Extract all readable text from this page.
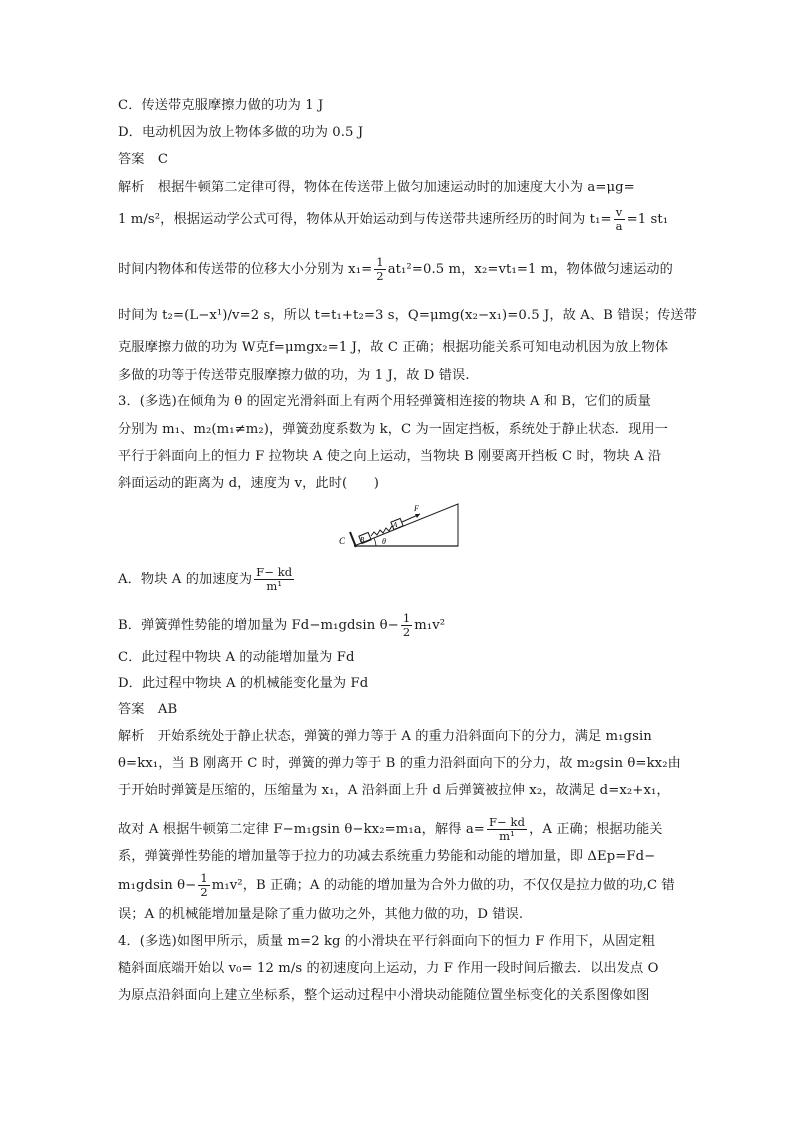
C．传送带克服摩擦力做的功为 1 J
D．电动机因为放上物体多做的功为 0.5 J
答案　C
解析　根据牛顿第二定律可得，物体在传送带上做匀加速运动时的加速度大小为 a=μg=
1 m/s²，根据运动学公式可得，物体从开始运动到与传送带共速所经历的时间为 $t_1= \frac{v}{a} =1$ st₁
时间内物体和传送带的位移大小分别为 $x_1= \frac{1}{2} at_1^2=0.5$ m，x₂=vt₁=1 m，物体做匀速运动的
时间为 t₂=(L−x¹)/v=2 s，所以 t=t₁+t₂=3 s，Q=μmg(x₂−x₁)=0.5 J，故 A、B 错误；传送带
克服摩擦力做的功为 W克f=μmgx₂=1 J，故 C 正确；根据功能关系可知电动机因为放上物体
多做的功等于传送带克服摩擦力做的功，为 1 J，故 D 错误.
3．(多选)在倾角为 θ 的固定光滑斜面上有两个用轻弹簧相连接的物块 A 和 B，它们的质量
分别为 m₁、m₂(m₁≠m₂)，弹簧劲度系数为 k，C 为一固定挡板，系统处于静止状态．现用一
平行于斜面向上的恒力 F 拉物块 A 使之向上运动，当物块 B 刚要离开挡板 C 时，物块 A 沿
斜面运动的距离为 d，速度为 v，此时(　　)
C B
A
F
θ
A．物块 A 的加速度为 $\frac{F- kd}{\text{m¹}}$
B．弹簧弹性势能的增加量为 Fd−m₁gdsin $\theta- \frac{1}{2} m_1v^2$
C．此过程中物块 A 的动能增加量为 Fd
D．此过程中物块 A 的机械能变化量为 Fd
答案　AB
解析　开始系统处于静止状态，弹簧的弹力等于 A 的重力沿斜面向下的分力，满足 m₁gsin
θ=kx₁，当 B 刚离开 C 时，弹簧的弹力等于 B 的重力沿斜面向下的分力，故 m₂gsin θ=kx₂由
于开始时弹簧是压缩的，压缩量为 x₁，A 沿斜面上升 d 后弹簧被拉伸 x₂，故满足 d=x₂+x₁，
故对 A 根据牛顿第二定律 F−m₁gsin θ−kx₂=m₁a，解得 $a= \frac{F- kd}{\text{m¹}}$ ，A 正确；根据功能关
系，弹簧弹性势能的增加量等于拉力的功减去系统重力势能和动能的增加量，即 ΔEp=Fd−
m₁gdsin $\theta- \frac{1}{2} m_1v^2$，B 正确；A 的动能的增加量为合外力做的功，不仅仅是拉力做的功,C 错
误；A 的机械能增加量是除了重力做功之外，其他力做的功，D 错误.
4．(多选)如图甲所示，质量 m=2 kg 的小滑块在平行斜面向下的恒力 F 作用下，从固定粗
糙斜面底端开始以 v₀= 12 m/s 的初速度向上运动，力 F 作用一段时间后撤去．以出发点 O
为原点沿斜面向上建立坐标系，整个运动过程中小滑块动能随位置坐标变化的关系图像如图
